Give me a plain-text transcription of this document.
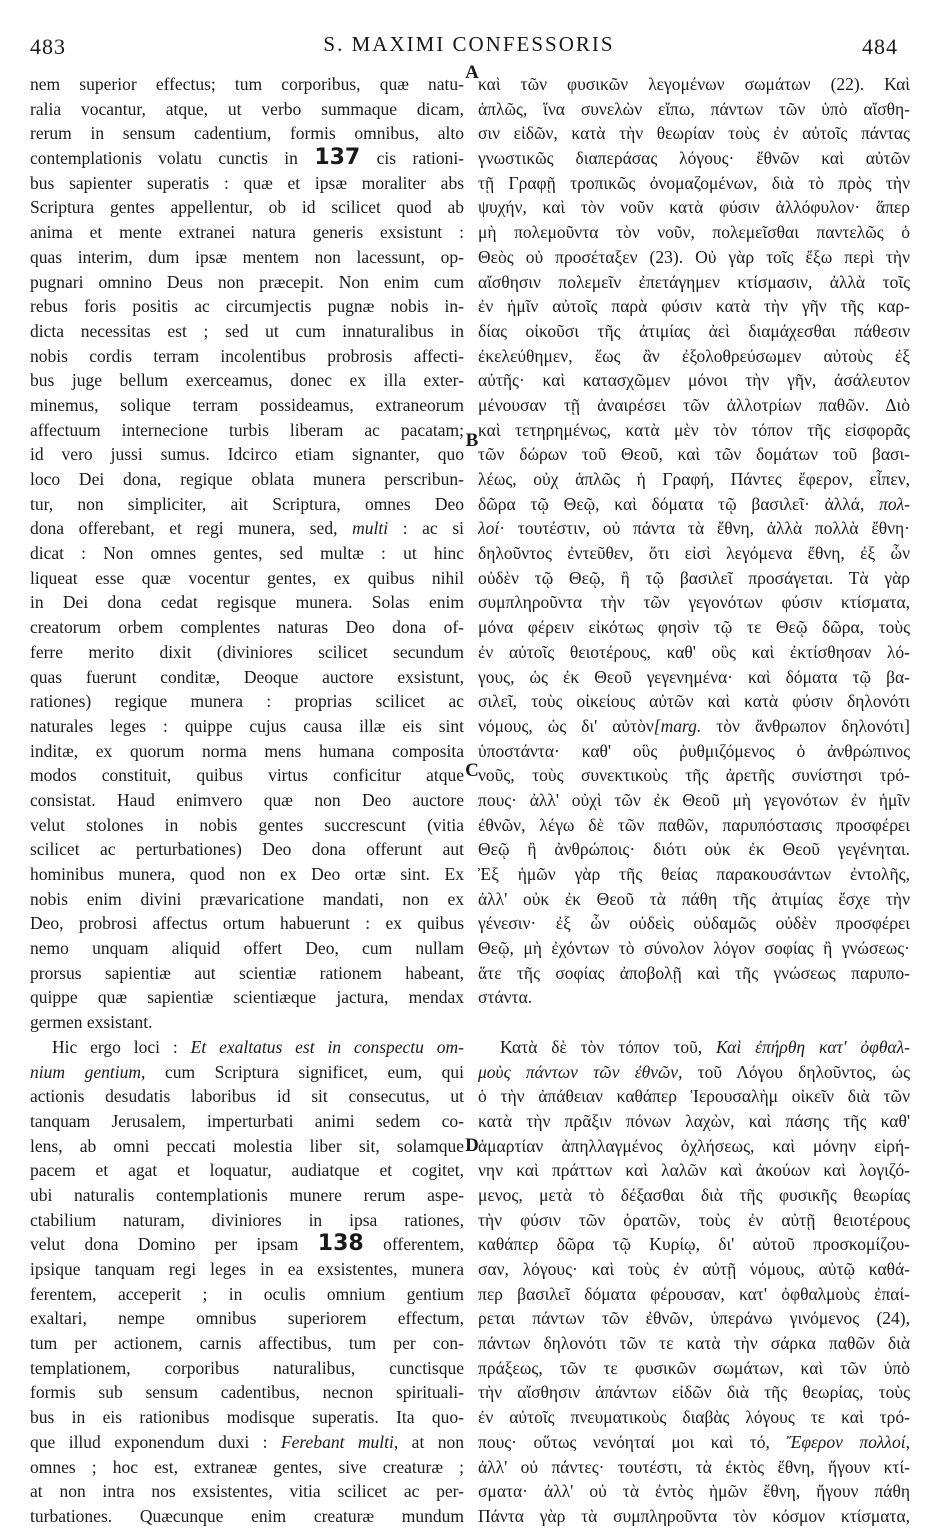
483	S. MAXIMI CONFESSORIS	484
A
B
C
D
nem superior effectus; tum corporibus, quæ natu-
ralia vocantur, atque, ut verbo summaque dicam,
rerum in sensum cadentium, formis omnibus, alto
contemplationis volatu cunctis in 137 cis rationi-
bus sapienter superatis : quæ et ipsæ moraliter abs
Scriptura gentes appellentur, ob id scilicet quod ab
anima et mente extranei natura generis exsistunt :
quas interim, dum ipsæ mentem non lacessunt, op-
pugnari omnino Deus non præcepit. Non enim cum
rebus foris positis ac circumjectis pugnæ nobis in-
dicta necessitas est ; sed ut cum innaturalibus in
nobis cordis terram incolentibus probrosis affecti-
bus juge bellum exerceamus, donec ex illa exter-
minemus, solique terram possideamus, extraneorum
affectuum internecione turbis liberam ac pacatam;
id vero jussi sumus. Idcirco etiam signanter, quo
loco Dei dona, regique oblata munera perscribun-
tur, non simpliciter, ait Scriptura, omnes Deo
dona offerebant, et regi munera, sed, multi : ac si
dicat : Non omnes gentes, sed multæ : ut hinc
liqueat esse quæ vocentur gentes, ex quibus nihil
in Dei dona cedat regisque munera. Solas enim
creatorum orbem complentes naturas Deo dona of-
ferre merito dixit (diviniores scilicet secundum
quas fuerunt conditæ, Deoque auctore exsistunt,
rationes) regique munera : proprias scilicet ac
naturales leges : quippe cujus causa illæ eis sint
inditæ, ex quorum norma mens humana composita
modos constituit, quibus virtus conficitur atque
consistat. Haud enimvero quæ non Deo auctore
velut stolones in nobis gentes succrescunt (vitia
scilicet ac perturbationes) Deo dona offerunt aut
hominibus munera, quod non ex Deo ortæ sint. Ex
nobis enim divini prævaricatione mandati, non ex
Deo, probrosi affectus ortum habuerunt : ex quibus
nemo unquam aliquid offert Deo, cum nullam
prorsus sapientiæ aut scientiæ rationem habeant,
quippe quæ sapientiæ scientiæque jactura, mendax
germen exsistant.
Hic ergo loci : Et exaltatus est in conspectu om-
nium gentium, cum Scriptura significet, eum, qui
actionis desudatis laboribus id sit consecutus, ut
tanquam Jerusalem, imperturbati animi sedem co-
lens, ab omni peccati molestia liber sit, solamque
pacem et agat et loquatur, audiatque et cogitet,
ubi naturalis contemplationis munere rerum aspe-
ctabilium naturam, diviniores in ipsa rationes,
velut dona Domino per ipsam 138 offerentem,
ipsique tanquam regi leges in ea exsistentes, munera
ferentem, acceperit ; in oculis omnium gentium
exaltari, nempe omnibus superiorem effectum,
tum per actionem, carnis affectibus, tum per con-
templationem, corporibus naturalibus, cunctisque
formis sub sensum cadentibus, necnon spirituali-
bus in eis rationibus modisque superatis. Ita quo-
que illud exponendum duxi : Ferebant multi, at non
omnes ; hoc est, extraneæ gentes, sive creaturæ ;
at non intra nos exsistentes, vitia scilicet ac per-
turbationes. Quæcunque enim creaturæ mundum
καὶ τῶν φυσικῶν λεγομένων σωμάτων (22). Καὶ
ἁπλῶς, ἵνα συνελὼν εἴπω, πάντων τῶν ὑπὸ αἴσθη-
σιν εἰδῶν, κατὰ τὴν θεωρίαν τοὺς ἐν αὐτοῖς πάντας
γνωστικῶς διαπεράσας λόγους· ἔθνῶν καὶ αὐτῶν
τῇ Γραφῇ τροπικῶς ὀνομαζομένων, διὰ τὸ πρὸς τὴν
ψυχήν, καὶ τὸν νοῦν κατὰ φύσιν ἀλλόφυλον· ἅπερ
μὴ πολεμοῦντα τὸν νοῦν, πολεμεῖσθαι παντελῶς ὁ
Θεὸς οὐ προσέταξεν (23). Οὐ γὰρ τοῖς ἔξω περὶ τὴν
αἴσθησιν πολεμεῖν ἐπετάγημεν κτίσμασιν, ἀλλὰ τοῖς
ἐν ἡμῖν αὐτοῖς παρὰ φύσιν κατὰ τὴν γῆν τῆς καρ-
δίας οἰκοῦσι τῆς ἀτιμίας ἀεὶ διαμάχεσθαι πάθεσιν
ἐκελεύθημεν, ἕως ἂν ἐξολοθρεύσωμεν αὐτοὺς ἐξ
αὐτῆς· καὶ κατασχῶμεν μόνοι τὴν γῆν, ἀσάλευτον
μένουσαν τῇ ἀναιρέσει τῶν ἀλλοτρίων παθῶν. Διὸ
καὶ τετηρημένως, κατὰ μὲν τὸν τόπον τῆς εἰσφορᾶς
τῶν δώρων τοῦ Θεοῦ, καὶ τῶν δομάτων τοῦ βασι-
λέως, οὐχ ἁπλῶς ἡ Γραφή, Πάντες ἔφερον, εἶπεν,
δῶρα τῷ Θεῷ, καὶ δόματα τῷ βασιλεῖ· ἀλλά, πολ-
λοί· τουτέστιν, οὐ πάντα τὰ ἔθνη, ἀλλὰ πολλὰ ἔθνη·
δηλοῦντος ἐντεῦθεν, ὅτι εἰσὶ λεγόμενα ἔθνη, ἐξ ὧν
οὐδὲν τῷ Θεῷ, ἢ τῷ βασιλεῖ προσάγεται. Τὰ γὰρ
συμπληροῦντα τὴν τῶν γεγονότων φύσιν κτίσματα,
μόνα φέρειν εἰκότως φησὶν τῷ τε Θεῷ δῶρα, τοὺς
ἐν αὐτοῖς θειοτέρους, καθ' οὓς καὶ ἐκτίσθησαν λό-
γους, ὡς ἐκ Θεοῦ γεγενημένα· καὶ δόματα τῷ βα-
σιλεῖ, τοὺς οἰκείους αὐτῶν καὶ κατὰ φύσιν δηλονότι
νόμους, ὡς δι' αὐτὸν[marg. τὸν ἄνθρωπον δηλονότι]
ὑποστάντα· καθ' οὓς ῥυθμιζόμενος ὁ ἀνθρώπινος
νοῦς, τοὺς συνεκτικοὺς τῆς ἀρετῆς συνίστησι τρό-
πους· ἀλλ' οὐχὶ τῶν ἐκ Θεοῦ μὴ γεγονότων ἐν ἡμῖν
ἐθνῶν, λέγω δὲ τῶν παθῶν, παρυπόστασις προσφέρει
Θεῷ ἢ ἀνθρώποις· διότι οὐκ ἐκ Θεοῦ γεγένηται.
Ἐξ ἡμῶν γὰρ τῆς θείας παρακουσάντων ἐντολῆς,
ἀλλ' οὐκ ἐκ Θεοῦ τὰ πάθη τῆς ἀτιμίας ἔσχε τὴν
γένεσιν· ἐξ ὧν οὐδεὶς οὐδαμῶς οὐδὲν προσφέρει
Θεῷ, μὴ ἐχόντων τὸ σύνολον λόγον σοφίας ἢ γνώσεως·
ἅτε τῆς σοφίας ἀποβολῇ καὶ τῆς γνώσεως παρυπο-
στάντα.
Κατὰ δὲ τὸν τόπον τοῦ, Καὶ ἐπήρθη κατ' ὀφθαλ-
μοὺς πάντων τῶν ἐθνῶν, τοῦ Λόγου δηλοῦντος, ὡς
ὁ τὴν ἀπάθειαν καθάπερ Ἱερουσαλὴμ οἰκεῖν διὰ τῶν
κατὰ τὴν πρᾶξιν πόνων λαχὼν, καὶ πάσης τῆς καθ'
ἁμαρτίαν ἀπηλλαγμένος ὀχλήσεως, καὶ μόνην εἰρή-
νην καὶ πράττων καὶ λαλῶν καὶ ἀκούων καὶ λογιζό-
μενος, μετὰ τὸ δέξασθαι διὰ τῆς φυσικῆς θεωρίας
τὴν φύσιν τῶν ὁρατῶν, τοὺς ἐν αὐτῇ θειοτέρους
καθάπερ δῶρα τῷ Κυρίῳ, δι' αὐτοῦ προσκομίζου-
σαν, λόγους· καὶ τοὺς ἐν αὐτῇ νόμους, αὐτῷ καθά-
περ βασιλεῖ δόματα φέρουσαν, κατ' ὀφθαλμοὺς ἐπαί-
ρεται πάντων τῶν ἐθνῶν, ὑπεράνω γινόμενος (24),
πάντων δηλονότι τῶν τε κατὰ τὴν σάρκα παθῶν διὰ
πράξεως, τῶν τε φυσικῶν σωμάτων, καὶ τῶν ὑπὸ
τὴν αἴσθησιν ἁπάντων εἰδῶν διὰ τῆς θεωρίας, τοὺς
ἐν αὐτοῖς πνευματικοὺς διαβὰς λόγους τε καὶ τρό-
πους· οὕτως νενόηταί μοι καὶ τό, Ἔφερον πολλοί,
ἀλλ' οὐ πάντες· τουτέστι, τὰ ἐκτὸς ἔθνη, ἤγουν κτί-
σματα· ἀλλ' οὐ τὰ ἐντὸς ἡμῶν ἔθνη, ἤγουν πάθη
Πάντα γὰρ τὰ συμπληροῦντα τὸν κόσμον κτίσματα,
